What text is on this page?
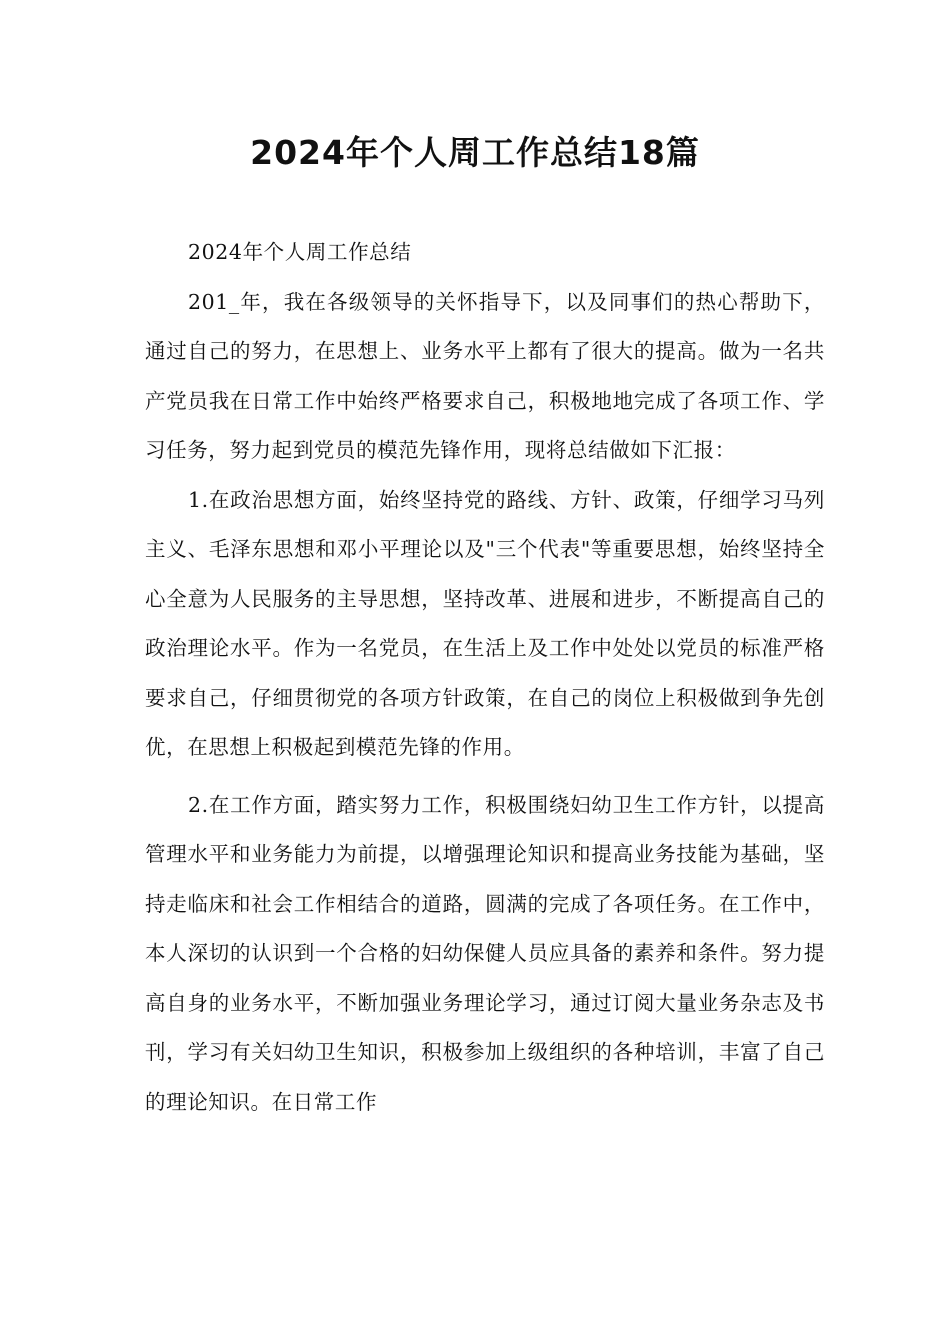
2024年个人周工作总结18篇

2024年个人周工作总结

201_年，我在各级领导的关怀指导下，以及同事们的热心帮助下，通过自己的努力，在思想上、业务水平上都有了很大的提高。做为一名共产党员我在日常工作中始终严格要求自己，积极地地完成了各项工作、学习任务，努力起到党员的模范先锋作用，现将总结做如下汇报：

1.在政治思想方面，始终坚持党的路线、方针、政策，仔细学习马列主义、毛泽东思想和邓小平理论以及"三个代表"等重要思想，始终坚持全心全意为人民服务的主导思想，坚持改革、进展和进步，不断提高自己的政治理论水平。作为一名党员，在生活上及工作中处处以党员的标准严格要求自己，仔细贯彻党的各项方针政策，在自己的岗位上积极做到争先创优，在思想上积极起到模范先锋的作用。

2.在工作方面，踏实努力工作，积极围绕妇幼卫生工作方针，以提高管理水平和业务能力为前提，以增强理论知识和提高业务技能为基础，坚持走临床和社会工作相结合的道路，圆满的完成了各项任务。在工作中，本人深切的认识到一个合格的妇幼保健人员应具备的素养和条件。努力提高自身的业务水平，不断加强业务理论学习，通过订阅大量业务杂志及书刊，学习有关妇幼卫生知识，积极参加上级组织的各种培训，丰富了自己的理论知识。在日常工作
